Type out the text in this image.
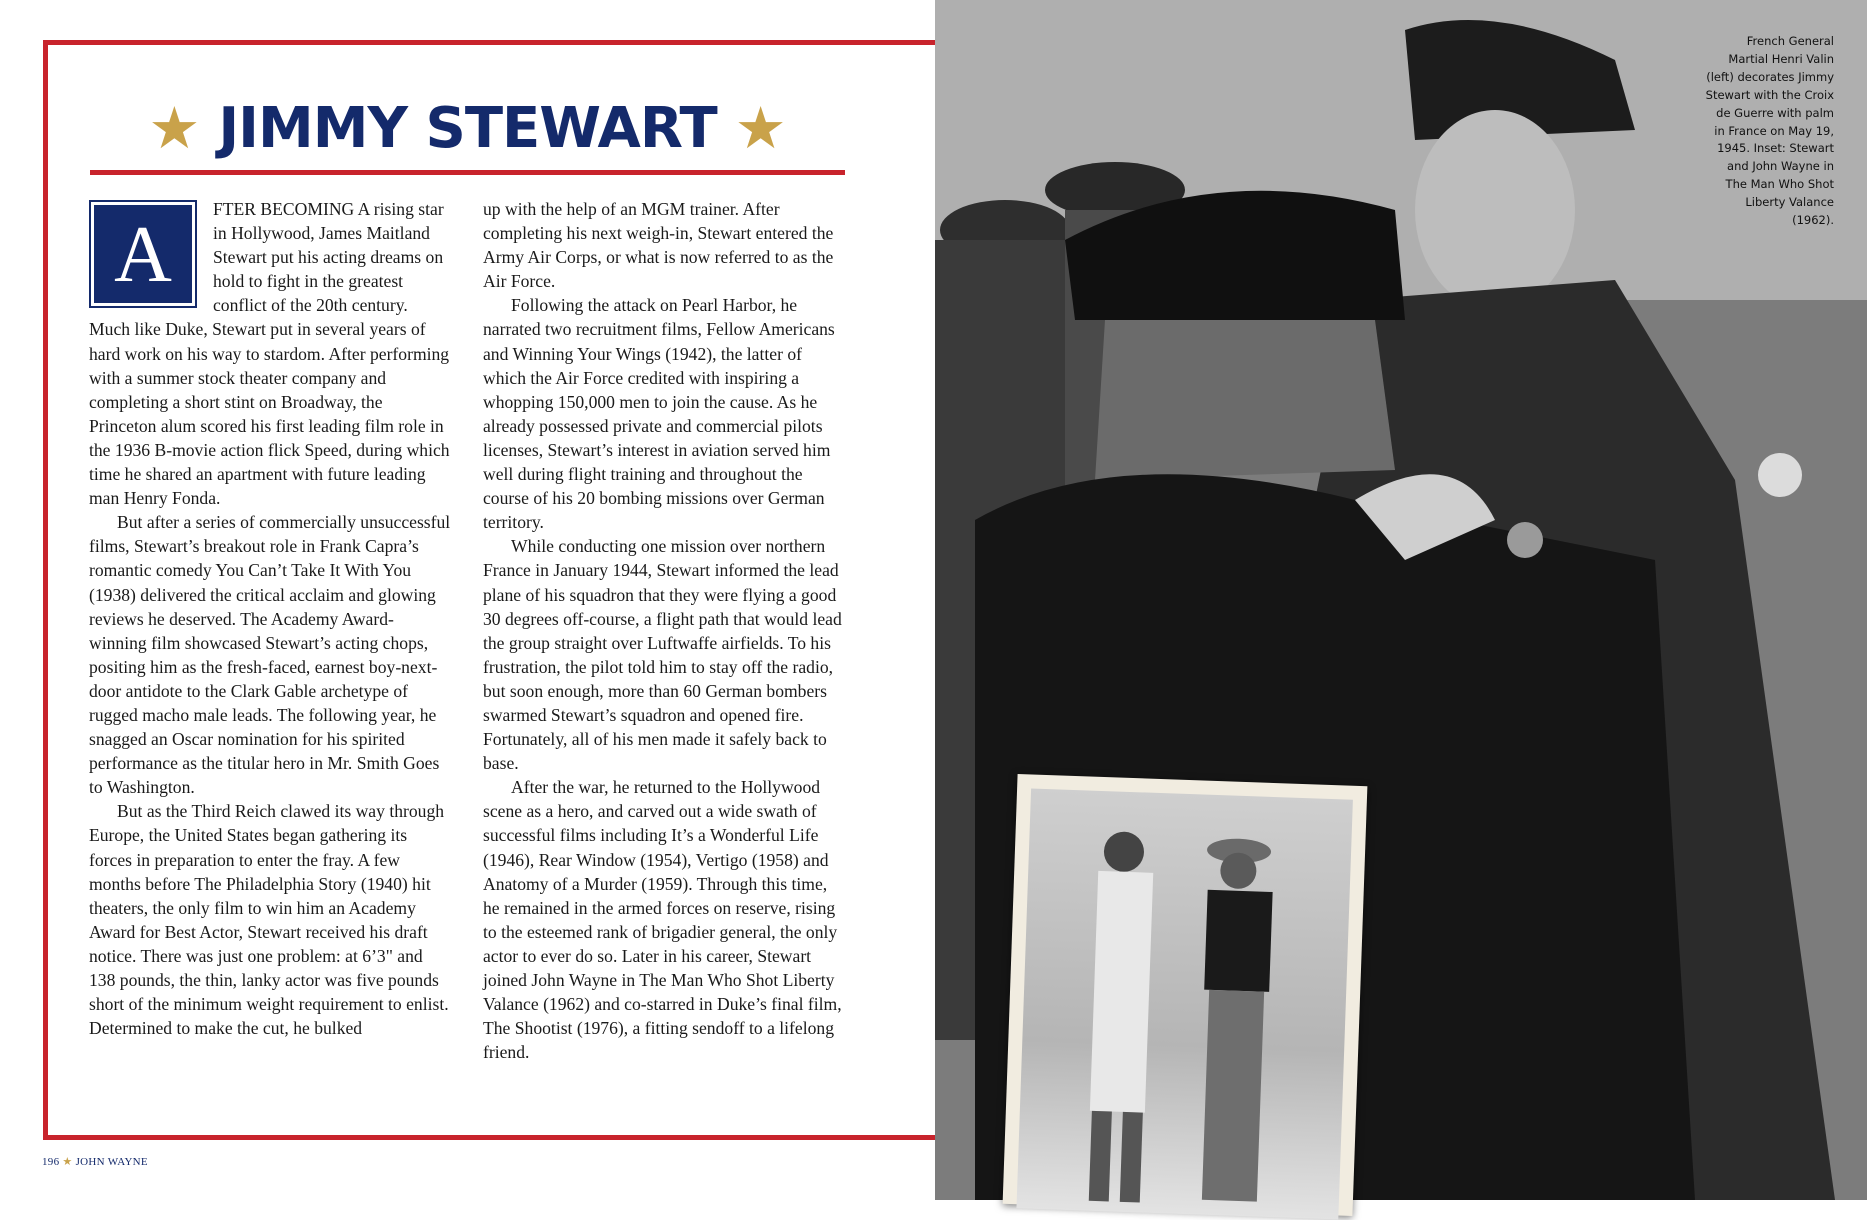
★ JIMMY STEWART ★
A

FTER BECOMING A rising star in Hollywood, James Maitland Stewart put his acting dreams on hold to fight in the greatest conflict of the 20th century. Much like Duke, Stewart put in several years of hard work on his way to stardom. After performing with a summer stock theater company and completing a short stint on Broadway, the Princeton alum scored his first leading film role in the 1936 B-movie action flick Speed, during which time he shared an apartment with future leading man Henry Fonda.

But after a series of commercially unsuccessful films, Stewart’s breakout role in Frank Capra’s romantic comedy You Can’t Take It With You (1938) delivered the critical acclaim and glowing reviews he deserved. The Academy Award-winning film showcased Stewart’s acting chops, positing him as the fresh-faced, earnest boy-next-door antidote to the Clark Gable archetype of rugged macho male leads. The following year, he snagged an Oscar nomination for his spirited performance as the titular hero in Mr. Smith Goes to Washington.

But as the Third Reich clawed its way through Europe, the United States began gathering its forces in preparation to enter the fray. A few months before The Philadelphia Story (1940) hit theaters, the only film to win him an Academy Award for Best Actor, Stewart received his draft notice. There was just one problem: at 6’3" and 138 pounds, the thin, lanky actor was five pounds short of the minimum weight requirement to enlist. Determined to make the cut, he bulked

up with the help of an MGM trainer. After completing his next weigh-in, Stewart entered the Army Air Corps, or what is now referred to as the Air Force.

Following the attack on Pearl Harbor, he narrated two recruitment films, Fellow Americans and Winning Your Wings (1942), the latter of which the Air Force credited with inspiring a whopping 150,000 men to join the cause. As he already possessed private and commercial pilots licenses, Stewart’s interest in aviation served him well during flight training and throughout the course of his 20 bombing missions over German territory.

While conducting one mission over northern France in January 1944, Stewart informed the lead plane of his squadron that they were flying a good 30 degrees off-course, a flight path that would lead the group straight over Luftwaffe airfields. To his frustration, the pilot told him to stay off the radio, but soon enough, more than 60 German bombers swarmed Stewart’s squadron and opened fire. Fortunately, all of his men made it safely back to base.

After the war, he returned to the Hollywood scene as a hero, and carved out a wide swath of successful films including It’s a Wonderful Life (1946), Rear Window (1954), Vertigo (1958) and Anatomy of a Murder (1959). Through this time, he remained in the armed forces on reserve, rising to the esteemed rank of brigadier general, the only actor to ever do so. Later in his career, Stewart joined John Wayne in The Man Who Shot Liberty Valance (1962) and co-starred in Duke’s final film, The Shootist (1976), a fitting sendoff to a lifelong friend.

196 ★ JOHN WAYNE
French General Martial Henri Valin (left) decorates Jimmy Stewart with the Croix de Guerre with palm in France on May 19, 1945. Inset: Stewart and John Wayne in The Man Who Shot Liberty Valance (1962).
